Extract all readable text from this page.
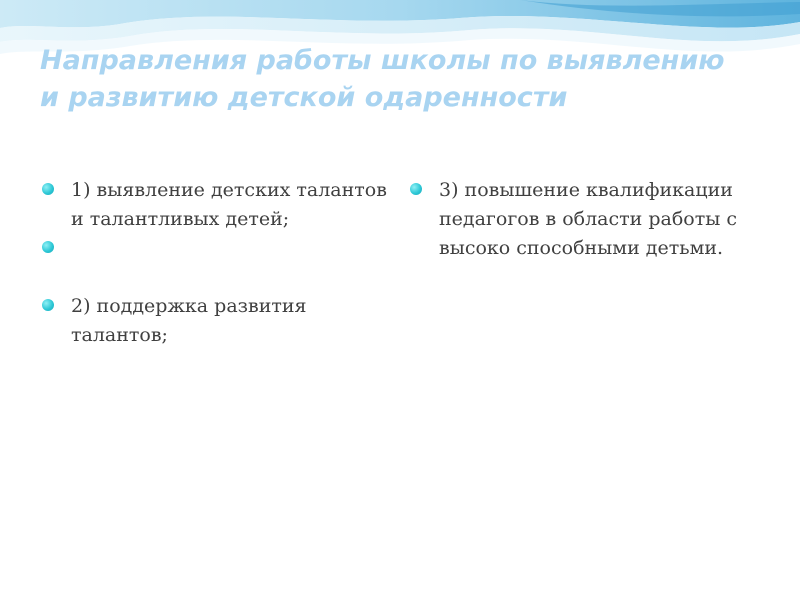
Направления работы школы по выявлению и развитию детской одаренности
1) выявление детских талантов и талантливых детей;
2) поддержка развития талантов;
3) повышение квалификации педагогов в области работы с высоко способными детьми.
